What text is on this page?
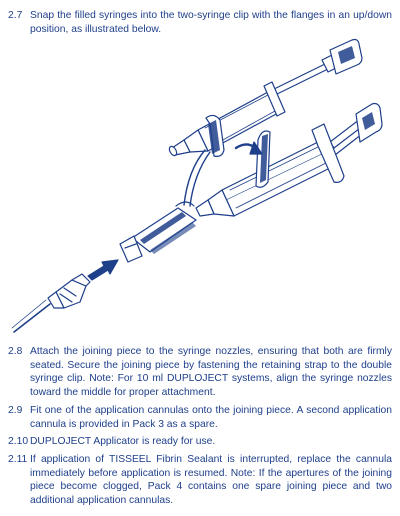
2.7 Snap the filled syringes into the two-syringe clip with the flanges in an up/down position, as illustrated below.
2.8 Attach the joining piece to the syringe nozzles, ensuring that both are firmly seated. Secure the joining piece by fastening the retaining strap to the double syringe clip. Note: For 10 ml DUPLOJECT systems, align the syringe nozzles toward the middle for proper attachment.
2.9 Fit one of the application cannulas onto the joining piece. A second application cannula is provided in Pack 3 as a spare.
2.10 DUPLOJECT Applicator is ready for use.
2.11 If application of TISSEEL Fibrin Sealant is interrupted, replace the cannula immediately before application is resumed. Note: If the apertures of the joining piece become clogged, Pack 4 contains one spare joining piece and two additional application cannulas.
